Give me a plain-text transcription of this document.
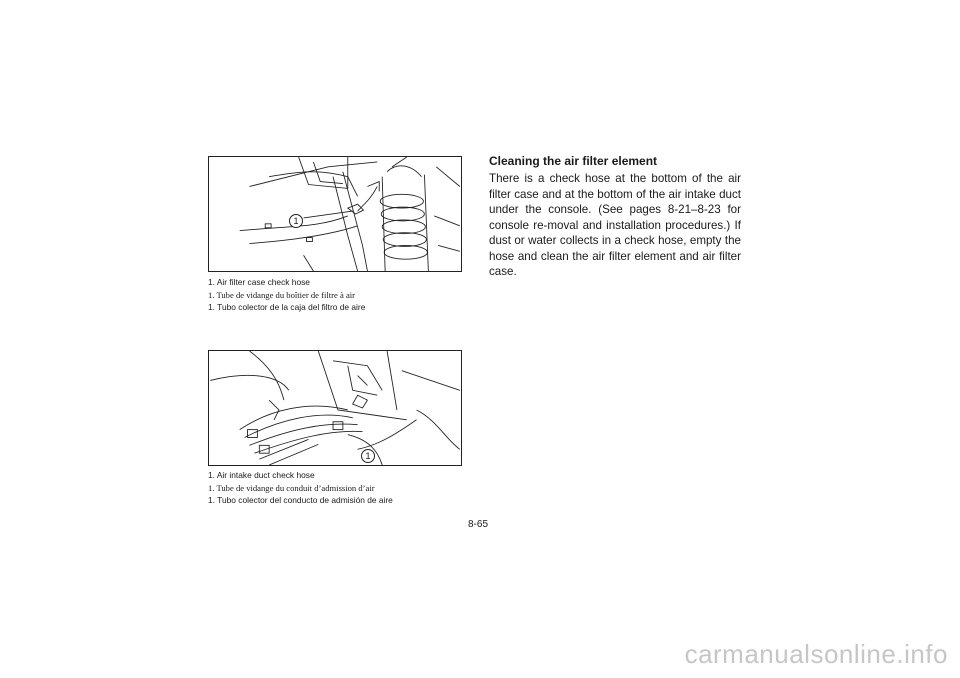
1
1. Air filter case check hose
1. Tube de vidange du boîtier de filtre à air
1. Tubo colector de la caja del filtro de aire
1
1. Air intake duct check hose
1. Tube de vidange du conduit d’admission d’air
1. Tubo colector del conducto de admisión de aire
Cleaning the air filter element
There is a check hose at the bottom of the air filter case and at the bottom of the air intake duct under the console. (See pages 8-21–8-23 for console re-moval and installation procedures.) If dust or water collects in a check hose, empty the hose and clean the air filter element and air filter case.
8-65
carmanualsonline.info
